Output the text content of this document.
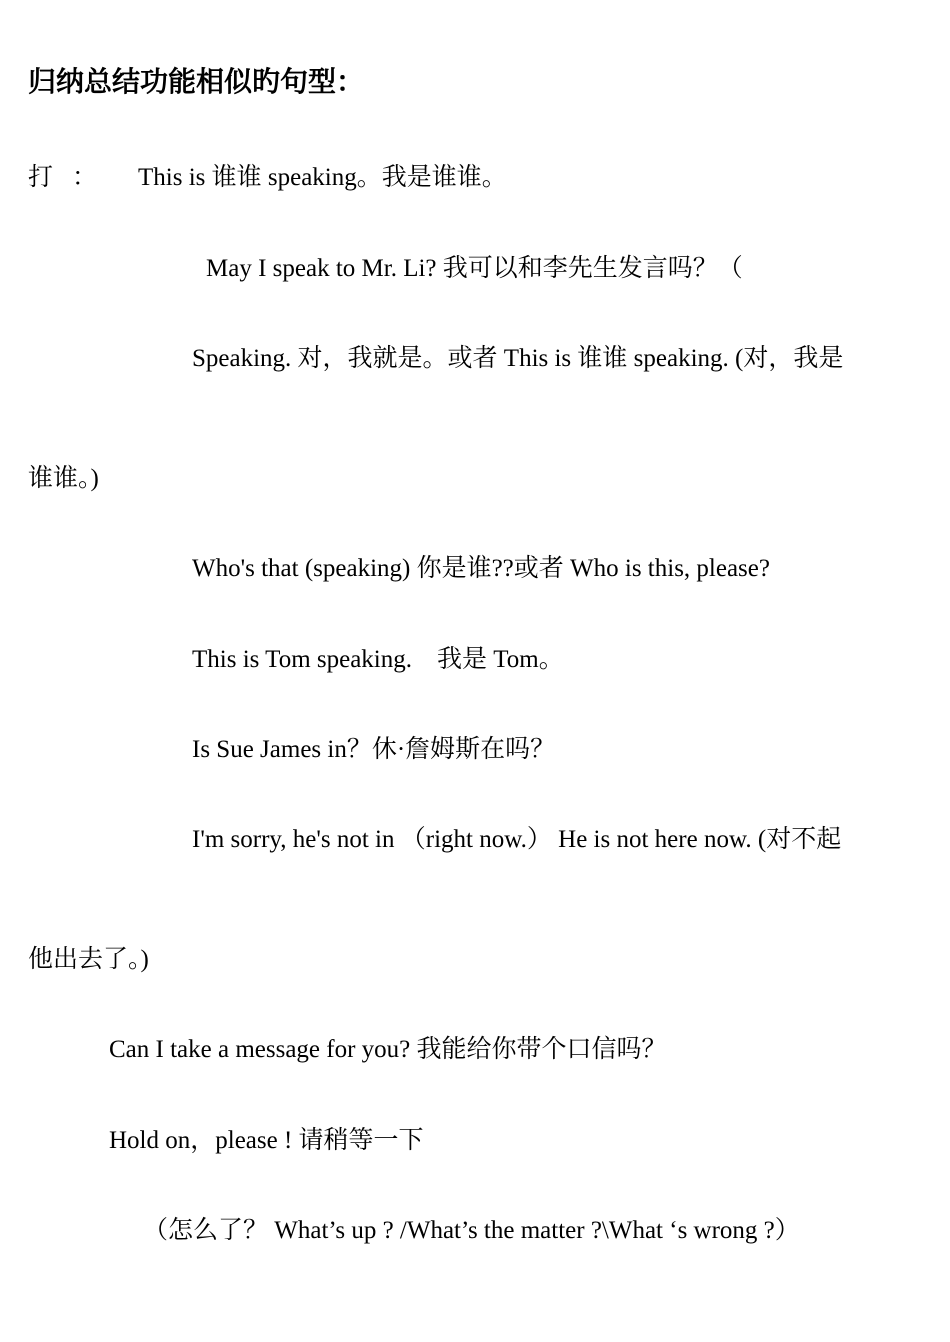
归纳总结功能相似旳句型：
打 ： This is 谁谁 speaking。我是谁谁。
May I speak to Mr. Li? 我可以和李先生发言吗？（
Speaking. 对，我就是。或者 This is 谁谁 speaking. (对，我是
谁谁。)
Who's that (speaking) 你是谁??或者 Who is this, please?
This is Tom speaking.　我是 Tom。
Is Sue James in？休·詹姆斯在吗？
I'm sorry, he's not in （right now.） He is not here now. (对不起
他出去了。)
Can I take a message for you? 我能给你带个口信吗？
Hold on，please ! 请稍等一下
（怎么了？ What’s up ? /What’s the matter ?\What ‘s wrong ?）
